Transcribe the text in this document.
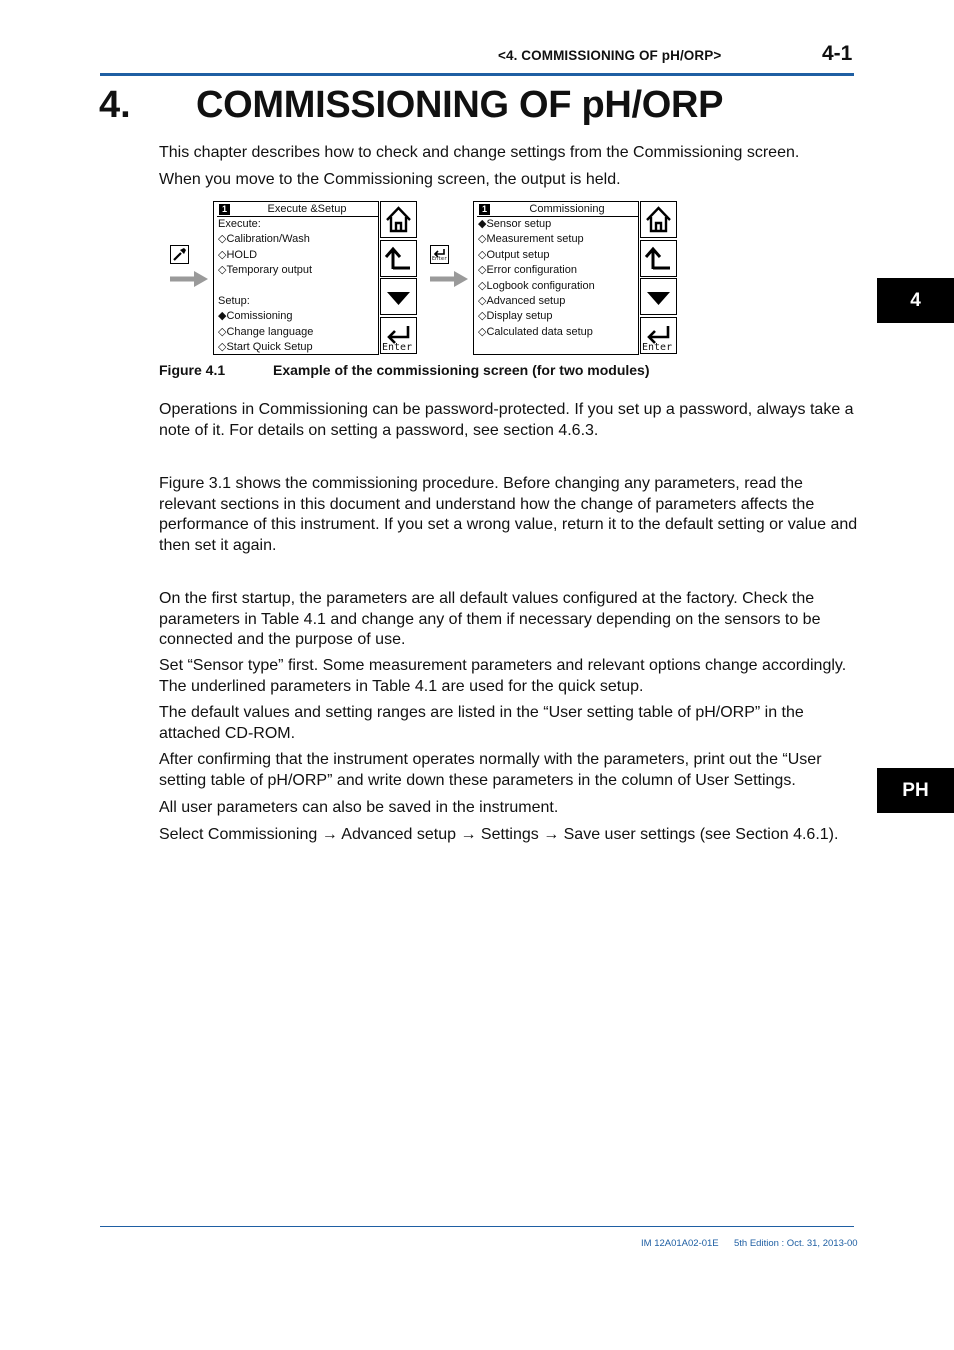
<4. COMMISSIONING OF pH/ORP>	4-1
4. COMMISSIONING OF pH/ORP
4
PH
This chapter describes how to check and change settings from the Commissioning screen.
When you move to the Commissioning screen, the output is held.
1	Execute &Setup
Execute:
◇Calibration/Wash
◇HOLD
◇Temporary output
Setup:
◆Comissioning
◇Change language
◇Start Quick Setup	Enter
Enter
1	Commissioning
◆Sensor setup
◇Measurement setup
◇Output setup
◇Error configuration
◇Logbook configuration
◇Advanced setup
◇Display setup
◇Calculated data setup
Enter
Figure 4.1	Example of the commissioning screen (for two modules)
Operations in Commissioning can be password-protected. If you set up a password, always take a note of it. For details on setting a password, see section 4.6.3.
Figure 3.1 shows the commissioning procedure. Before changing any parameters, read the relevant sections in this document and understand how the change of parameters affects the performance of this instrument. If you set a wrong value, return it to the default setting or value and then set it again.
On the first startup, the parameters are all default values configured at the factory. Check the parameters in Table 4.1 and change any of them if necessary depending on the sensors to be connected and the purpose of use.
Set “Sensor type” first. Some measurement parameters and relevant options change accordingly. The underlined parameters in Table 4.1 are used for the quick setup.
The default values and setting ranges are listed in the “User setting table of pH/ORP” in the attached CD-ROM.
After confirming that the instrument operates normally with the parameters, print out the “User setting table of pH/ORP” and write down these parameters in the column of User Settings.
All user parameters can also be saved in the instrument.
Select Commissioning → Advanced setup → Settings → Save user settings (see Section 4.6.1).
IM 12A01A02-01E 5th Edition : Oct. 31, 2013-00
